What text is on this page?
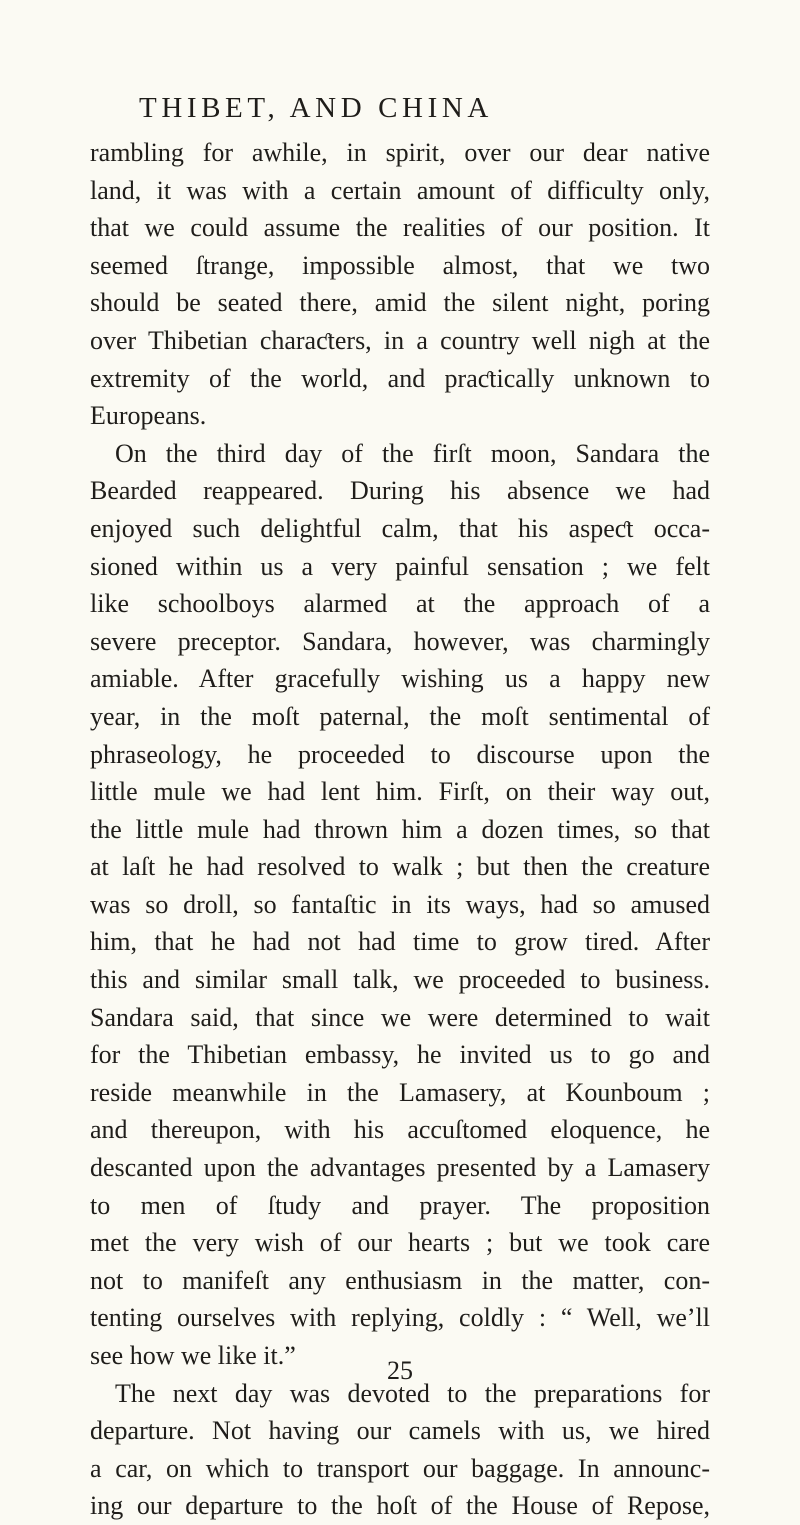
THIBET, AND CHINA
rambling for awhile, in spirit, over our dear native
land, it was with a certain amount of difficulty only,
that we could assume the realities of our position. It
seemed ſtrange, impossible almost, that we two
should be seated there, amid the silent night, poring
over Thibetian charaƈters, in a country well nigh at the
extremity of the world, and praƈtically unknown to
Europeans.
On the third day of the firſt moon, Sandara the
Bearded reappeared. During his absence we had
enjoyed such delightful calm, that his aspeƈt occa-
sioned within us a very painful sensation ; we felt
like schoolboys alarmed at the approach of a
severe preceptor. Sandara, however, was charmingly
amiable. After gracefully wishing us a happy new
year, in the moſt paternal, the moſt sentimental of
phraseology, he proceeded to discourse upon the
little mule we had lent him. Firſt, on their way out,
the little mule had thrown him a dozen times, so that
at laſt he had resolved to walk ; but then the creature
was so droll, so fantaſtic in its ways, had so amused
him, that he had not had time to grow tired. After
this and similar small talk, we proceeded to business.
Sandara said, that since we were determined to wait
for the Thibetian embassy, he invited us to go and
reside meanwhile in the Lamasery, at Kounboum ;
and thereupon, with his accuſtomed eloquence, he
descanted upon the advantages presented by a Lamasery
to men of ſtudy and prayer. The proposition
met the very wish of our hearts ; but we took care
not to manifeſt any enthusiasm in the matter, con-
tenting ourselves with replying, coldly : “ Well, we’ll
see how we like it.”
The next day was devoted to the preparations for
departure. Not having our camels with us, we hired
a car, on which to transport our baggage. In announc-
ing our departure to the hoſt of the House of Repose,
25
